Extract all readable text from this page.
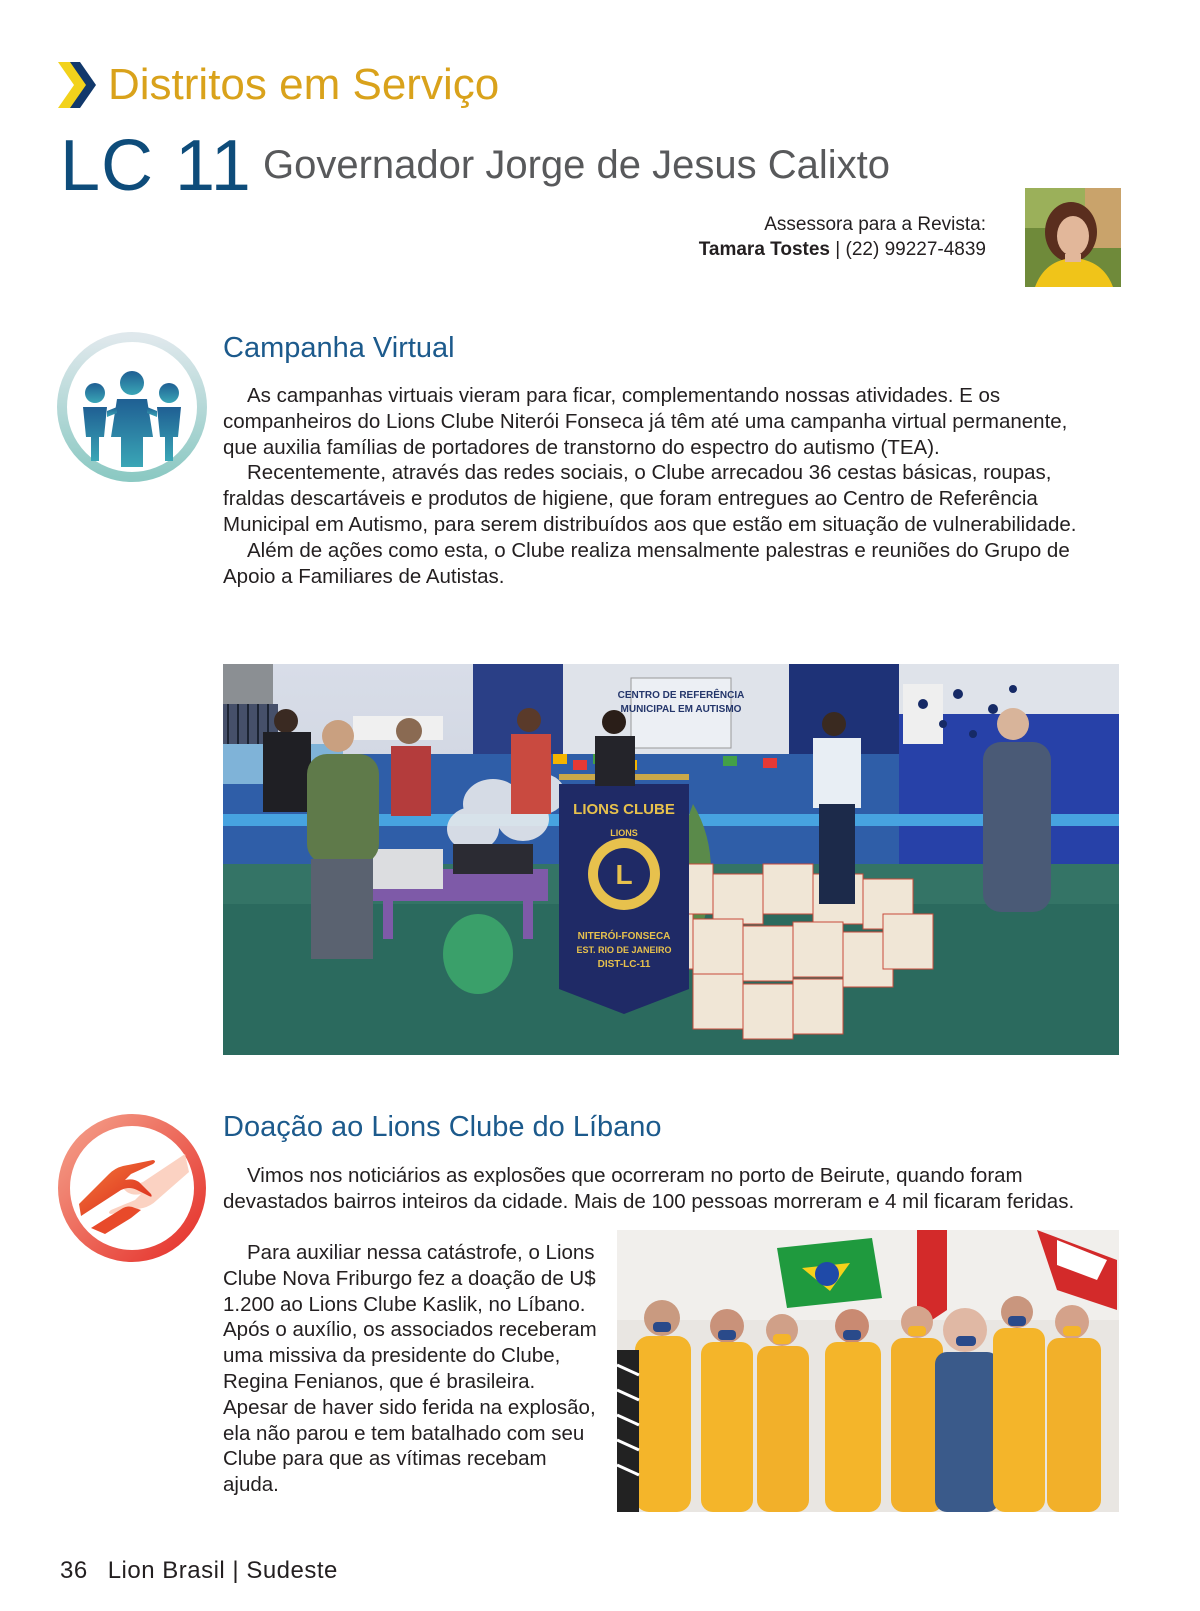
Distritos em Serviço
LC 11 Governador Jorge de Jesus Calixto
Assessora para a Revista:
Tamara Tostes | (22) 99227-4839
Campanha Virtual

As campanhas virtuais vieram para ficar, complementando nossas atividades. E os companheiros do Lions Clube Niterói Fonseca já têm até uma campanha virtual permanente, que auxilia famílias de portadores de transtorno do espectro do autismo (TEA).

Recentemente, através das redes sociais, o Clube arrecadou 36 cestas básicas, roupas, fraldas descartáveis e produtos de higiene, que foram entregues ao Centro de Referência Municipal em Autismo, para serem distribuídos aos que estão em situação de vulnerabilidade.

Além de ações como esta, o Clube realiza mensalmente palestras e reuniões do Grupo de Apoio a Familiares de Autistas.

CENTRO DE REFERÊNCIA
MUNICIPAL EM AUTISMO
L
LIONS CLUBE
LIONS
NITERÓI-FONSECA
EST. RIO DE JANEIRO
DIST-LC-11
Doação ao Lions Clube do Líbano

Vimos nos noticiários as explosões que ocorreram no porto de Beirute, quando foram devastados bairros inteiros da cidade. Mais de 100 pessoas morreram e 4 mil ficaram feridas.

Para auxiliar nessa catástrofe, o Lions Clube Nova Friburgo fez a doação de U$ 1.200 ao Lions Clube Kaslik, no Líbano. Após o auxílio, os associados receberam uma missiva da presidente do Clube, Regina Fenianos, que é brasileira. Apesar de haver sido ferida na explosão, ela não parou e tem batalhado com seu Clube para que as vítimas recebam ajuda.

36 Lion Brasil | Sudeste
